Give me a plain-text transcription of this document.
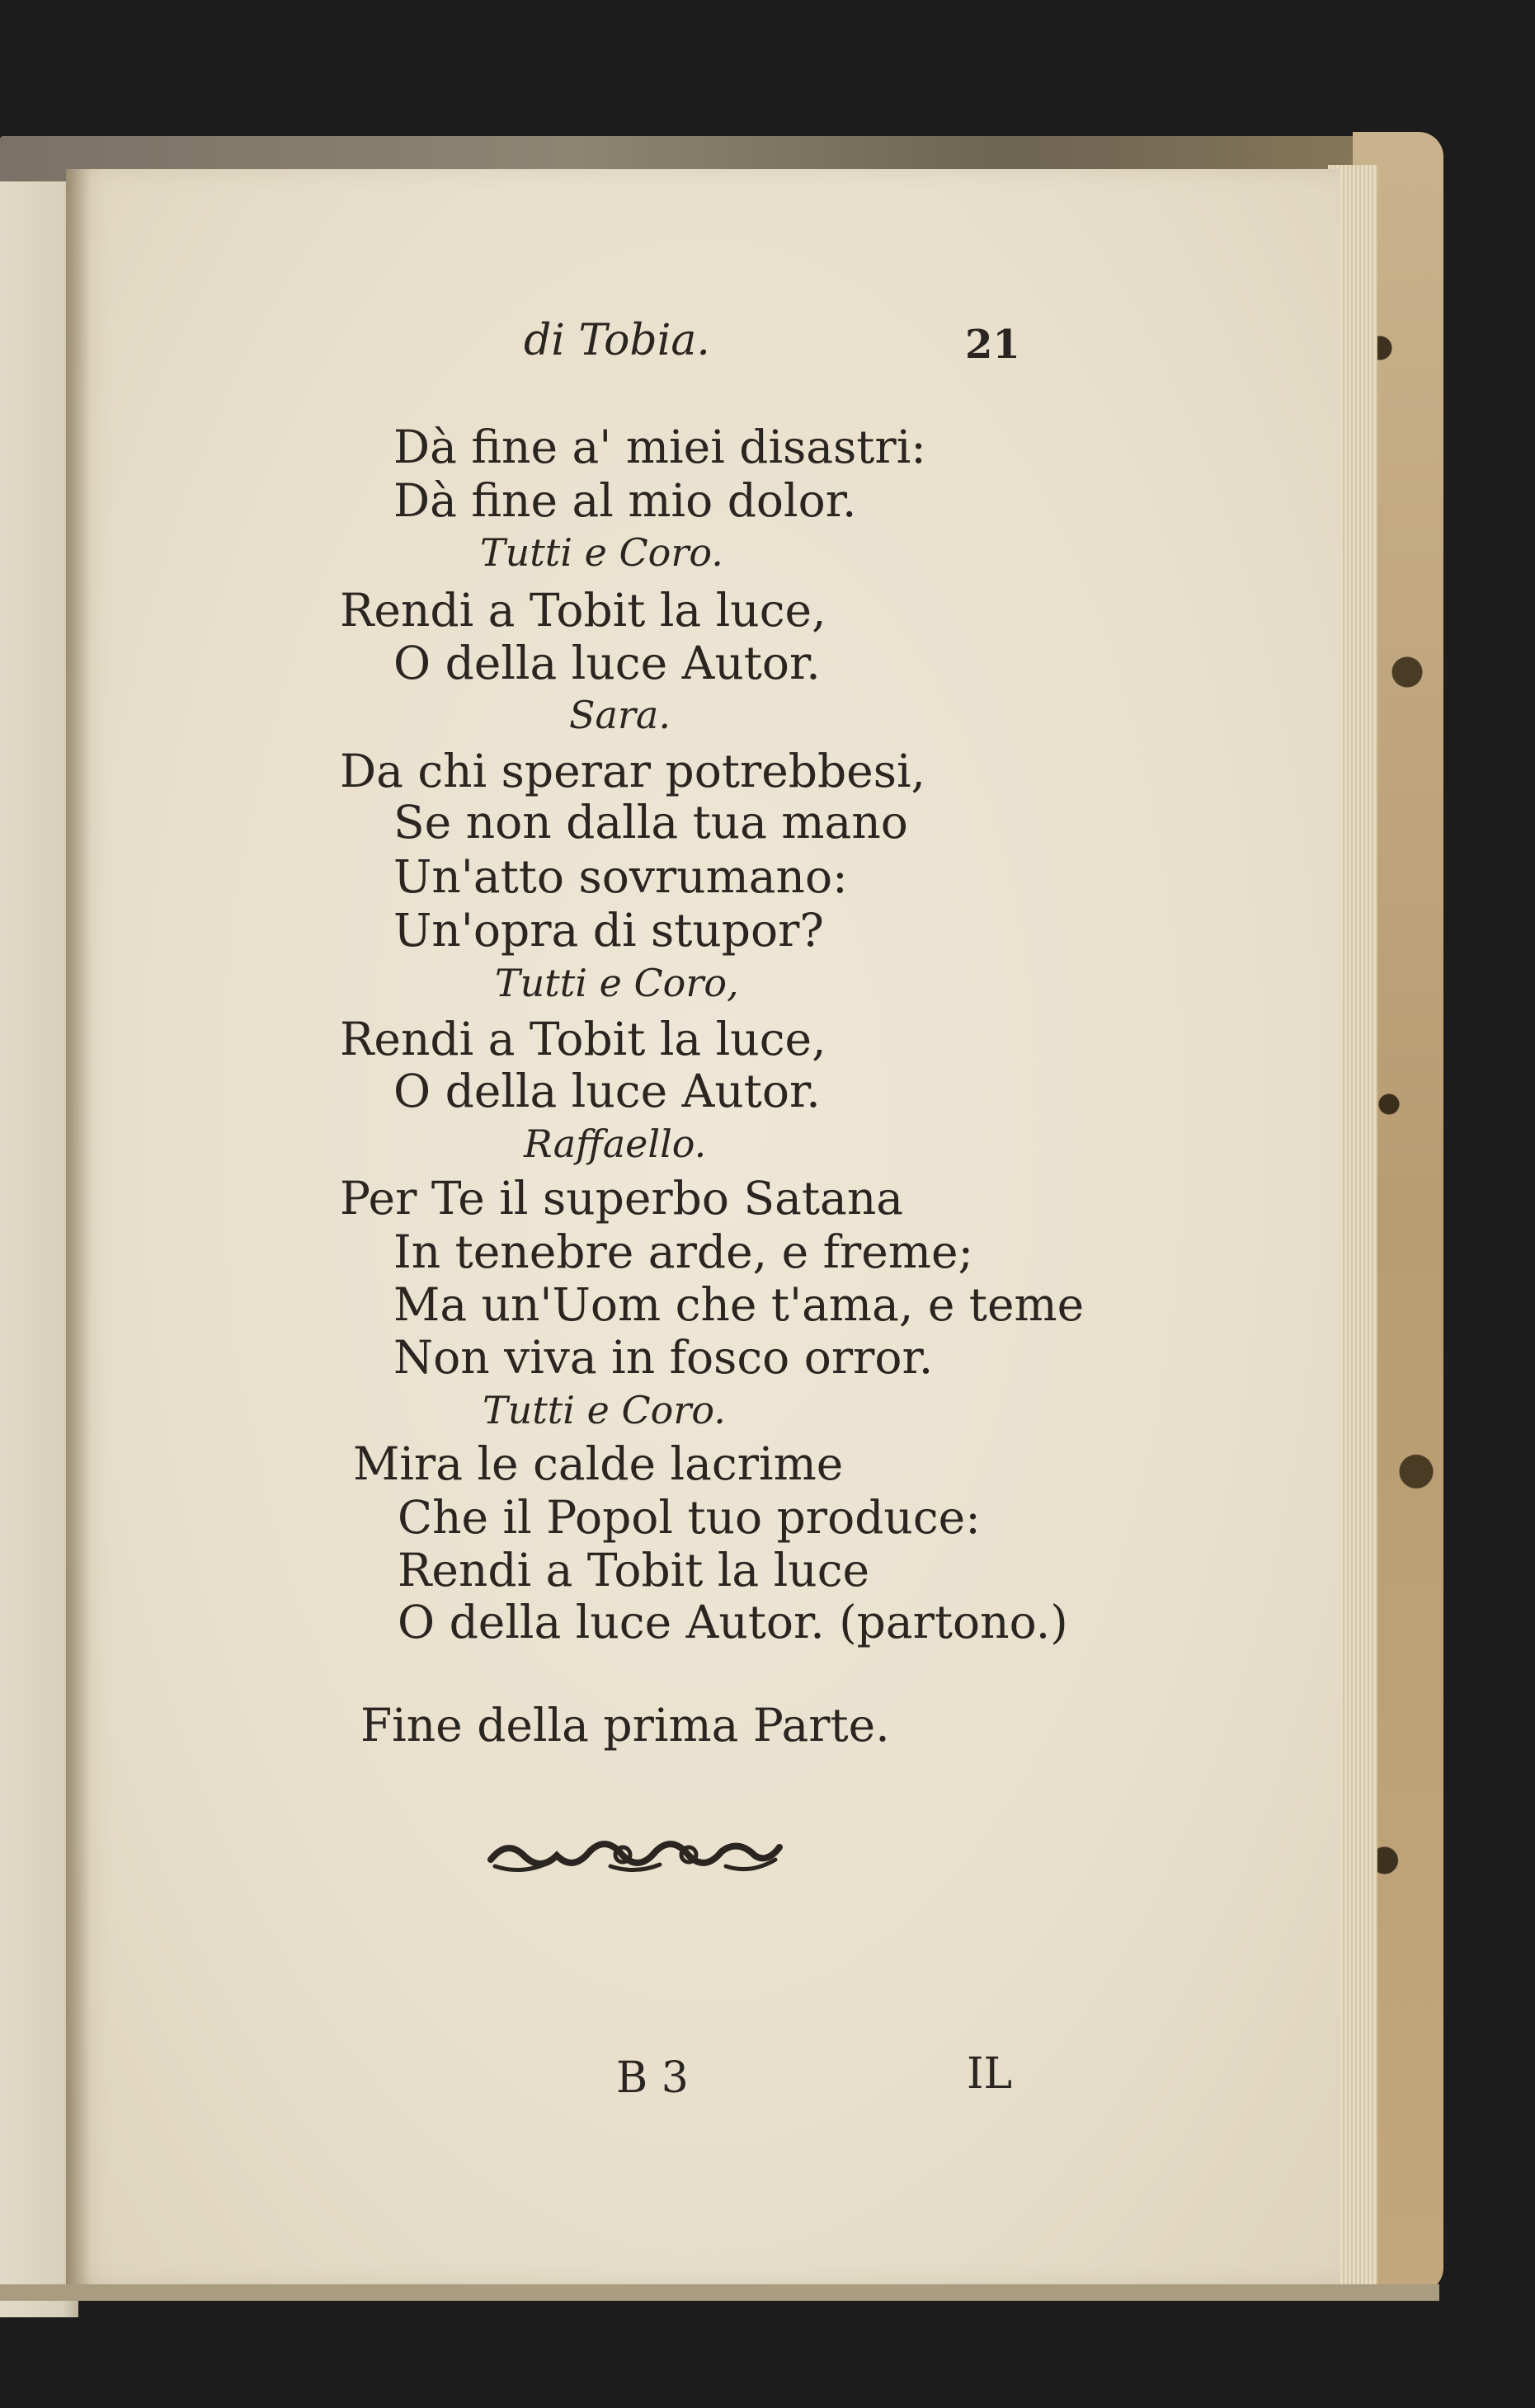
di Tobia.	21
Dà fine a' miei disastri:
Dà fine al mio dolor.
Tutti e Coro.
Rendi a Tobit la luce,
O della luce Autor.
Sara.
Da chi sperar potrebbesi,
Se non dalla tua mano
Un'atto sovrumano:
Un'opra di stupor?
Tutti e Coro,
Rendi a Tobit la luce,
O della luce Autor.
Raffaello.
Per Te il superbo Satana
In tenebre arde, e freme;
Ma un'Uom che t'ama, e teme
Non viva in fosco orror.
Tutti e Coro.
Mira le calde lacrime
Che il Popol tuo produce:
Rendi a Tobit la luce
O della luce Autor. (partono.)
Fine della prima Parte.
B 3	IL
